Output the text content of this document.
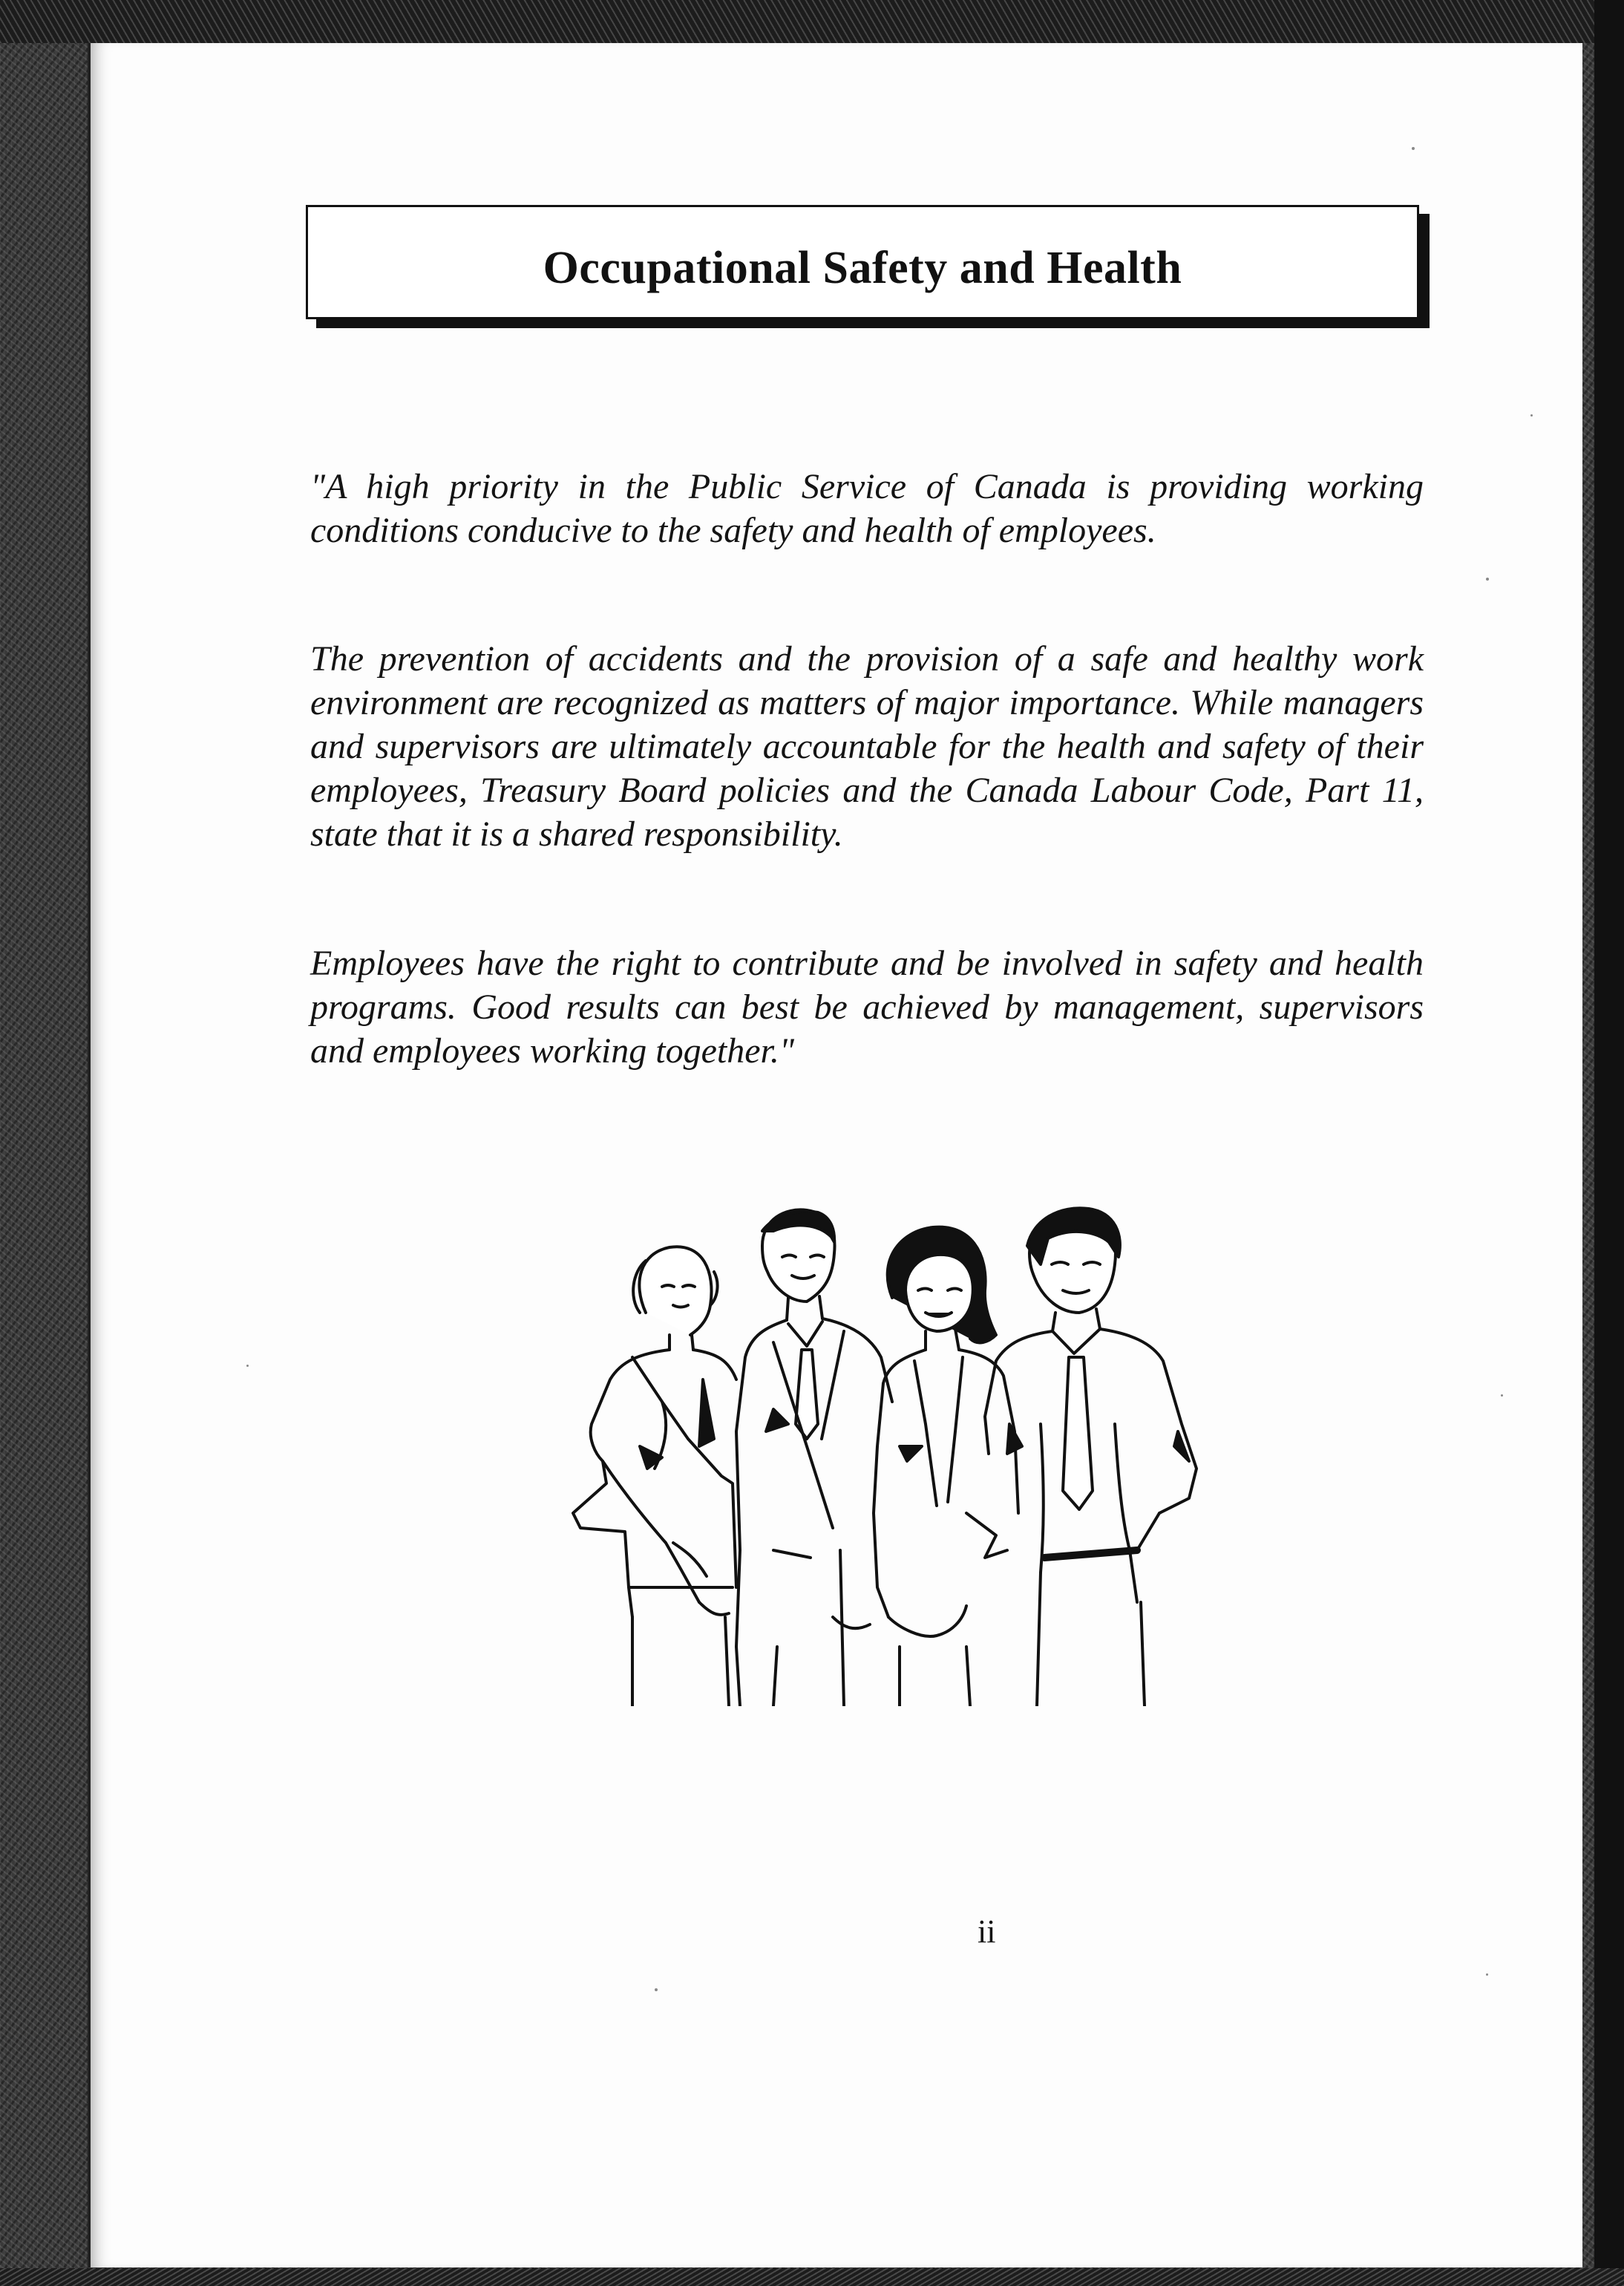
Occupational Safety and Health

"A high priority in the Public Service of Canada is providing working conditions conducive to the safety and health of employees.

The prevention of accidents and the provision of a safe and healthy work environment are recognized as matters of major importance. While managers and supervisors are ultimately accountable for the health and safety of their employees, Treasury Board policies and the Canada Labour Code, Part 11, state that it is a shared responsibility.

Employees have the right to contribute and be involved in safety and health programs. Good results can best be achieved by management, supervisors and employees working together."

ii
